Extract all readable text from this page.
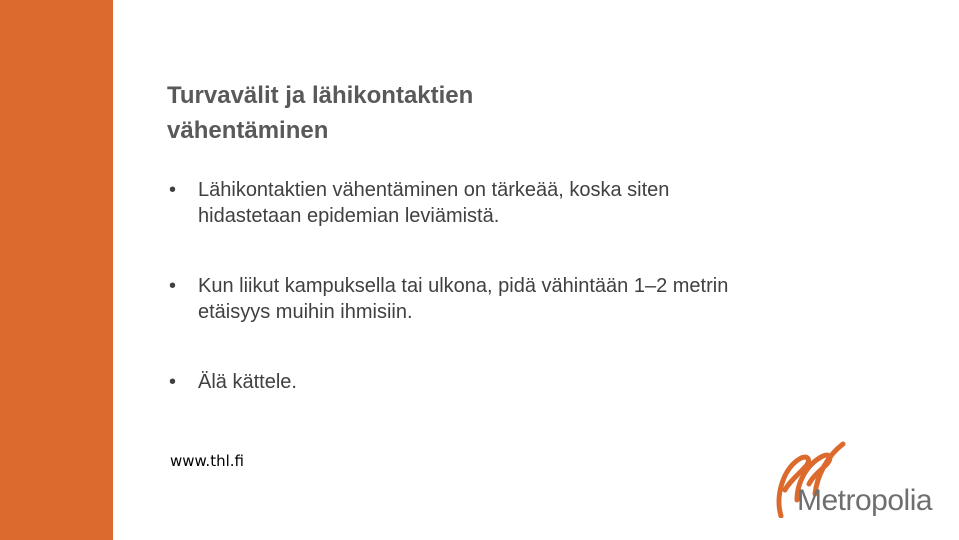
Turvavälit ja lähikontaktien
vähentäminen
• Lähikontaktien vähentäminen on tärkeää, koska siten
hidastetaan epidemian leviämistä.
• Kun liikut kampuksella tai ulkona, pidä vähintään 1–2 metrin
etäisyys muihin ihmisiin.
• Älä kättele.
www.thl.fi
Metropolia
